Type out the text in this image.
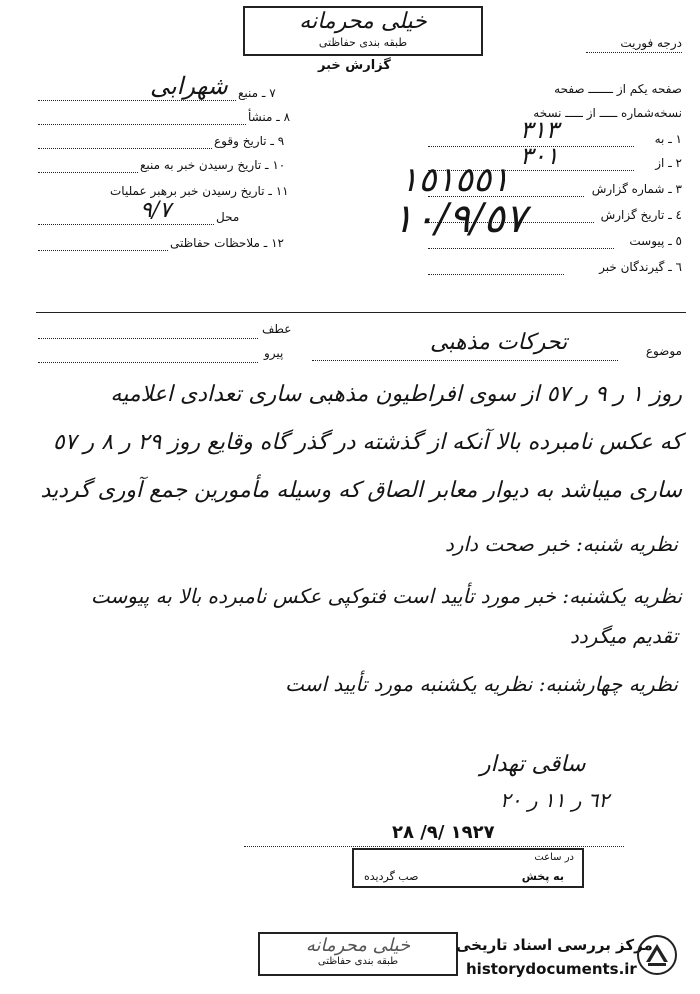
خیلی محرمانه
طبقه بندی حفاظتی
گزارش خبر
درجه فوریت
٧ ـ منبع
شهرابی
٨ ـ منشأ
٩ ـ تاریخ وقوع
١٠ ـ تاریخ رسیدن خبر به منبع
١١ ـ تاریخ رسیدن خبر برهبر عملیات
محل
٩/٧
١٢ ـ ملاحظات حفاظتی
صفحه یکم از ـــــــ صفحه
نسخه‌شماره ـــــ از ـــــ نسخه
١ ـ به
٣١٣
٢ ـ از
٣٠١
٣ ـ شماره گزارش
١٥١٥٥١
٤ ـ تاریخ گزارش
١٠/٩/٥٧	٥ ـ پیوست
٦ ـ گیرندگان خبر
موضوع
تحرکات مذهبی
عطف
پیرو
روز ١ ر ٩ ر ٥٧ از سوی افراطیون مذهبی ساری تعدادی اعلامیه
که عکس نامبرده بالا آنکه از گذشته در گذر گاه وقایع روز ٢٩ ر ٨ ر ٥٧
ساری میباشد به دیوار معابر الصاق که وسیله مأمورین جمع آوری گردید
نظریه شنبه: خبر صحت دارد
نظریه یکشنبه: خبر مورد تأیید است فتوکپی عکس نامبرده بالا به پیوست
تقدیم میگردد
نظریه چهارشنبه: نظریه یکشنبه مورد تأیید است
ساقی تهدار
٦٢ ر ١١ ر ٢٠
١٩٢٧ /٩/ ٢٨
در ساعت
صب گردیده	به پخش
خیلی محرمانه
طبقه بندی حفاظتی
مرکز بررسی اسناد تاریخی
historydocuments.ir
